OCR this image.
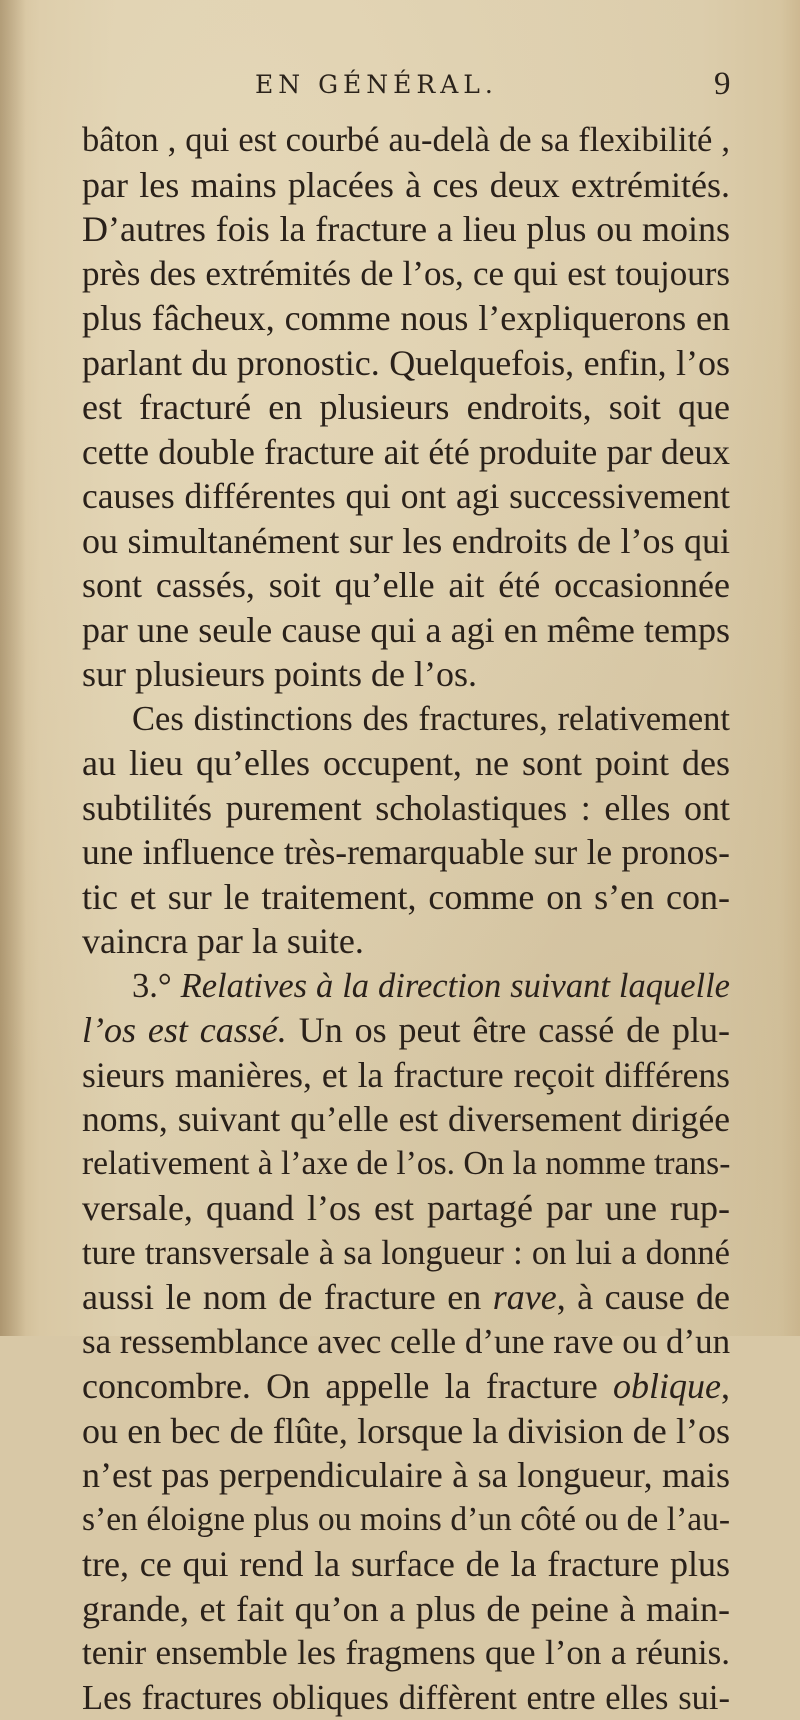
EN GÉNÉRAL.	9
bâton , qui est courbé au-delà de sa flexibilité ,
par les mains placées à ces deux extrémités.
D’autres fois la fracture a lieu plus ou moins
près des extrémités de l’os, ce qui est toujours
plus fâcheux, comme nous l’expliquerons en
parlant du pronostic. Quelquefois, enfin, l’os
est fracturé en plusieurs endroits, soit que
cette double fracture ait été produite par deux
causes différentes qui ont agi successivement
ou simultanément sur les endroits de l’os qui
sont cassés, soit qu’elle ait été occasionnée
par une seule cause qui a agi en même temps
sur plusieurs points de l’os.
Ces distinctions des fractures, relativement
au lieu qu’elles occupent, ne sont point des
subtilités purement scholastiques : elles ont
une influence très-remarquable sur le pronos-
tic et sur le traitement, comme on s’en con-
vaincra par la suite.
3.° Relatives à la direction suivant laquelle
l’os est cassé. Un os peut être cassé de plu-
sieurs manières, et la fracture reçoit différens
noms, suivant qu’elle est diversement dirigée
relativement à l’axe de l’os. On la nomme trans-
versale, quand l’os est partagé par une rup-
ture transversale à sa longueur : on lui a donné
aussi le nom de fracture en rave, à cause de
sa ressemblance avec celle d’une rave ou d’un
concombre. On appelle la fracture oblique,
ou en bec de flûte, lorsque la division de l’os
n’est pas perpendiculaire à sa longueur, mais
s’en éloigne plus ou moins d’un côté ou de l’au-
tre, ce qui rend la surface de la fracture plus
grande, et fait qu’on a plus de peine à main-
tenir ensemble les fragmens que l’on a réunis.
Les fractures obliques diffèrent entre elles sui-
